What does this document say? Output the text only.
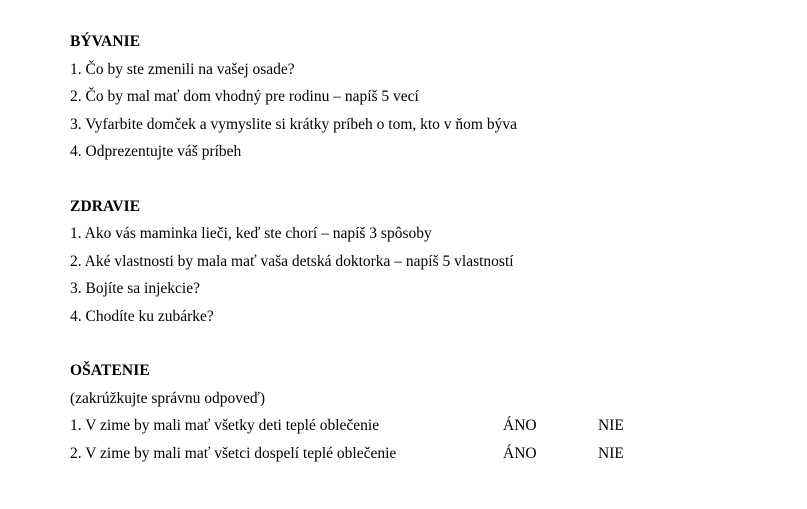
BÝVANIE
1. Čo by ste zmenili na vašej osade?
2. Čo by mal mať dom vhodný pre rodinu – napíš 5 vecí
3. Vyfarbite domček a vymyslite si krátky príbeh o tom, kto v ňom býva
4. Odprezentujte váš príbeh
ZDRAVIE
1. Ako vás maminka lieči, keď ste chorí – napíš 3 spôsoby
2. Aké vlastnosti by mala mať vaša detská doktorka – napíš 5 vlastností
3. Bojíte sa injekcie?
4. Chodíte ku zubárke?
OŠATENIE
(zakrúžkujte správnu odpoveď)
1. V zime by mali mať všetky deti teplé oblečenie	ÁNO	NIE
2. V zime by mali mať všetci dospelí teplé oblečenie	ÁNO	NIE
